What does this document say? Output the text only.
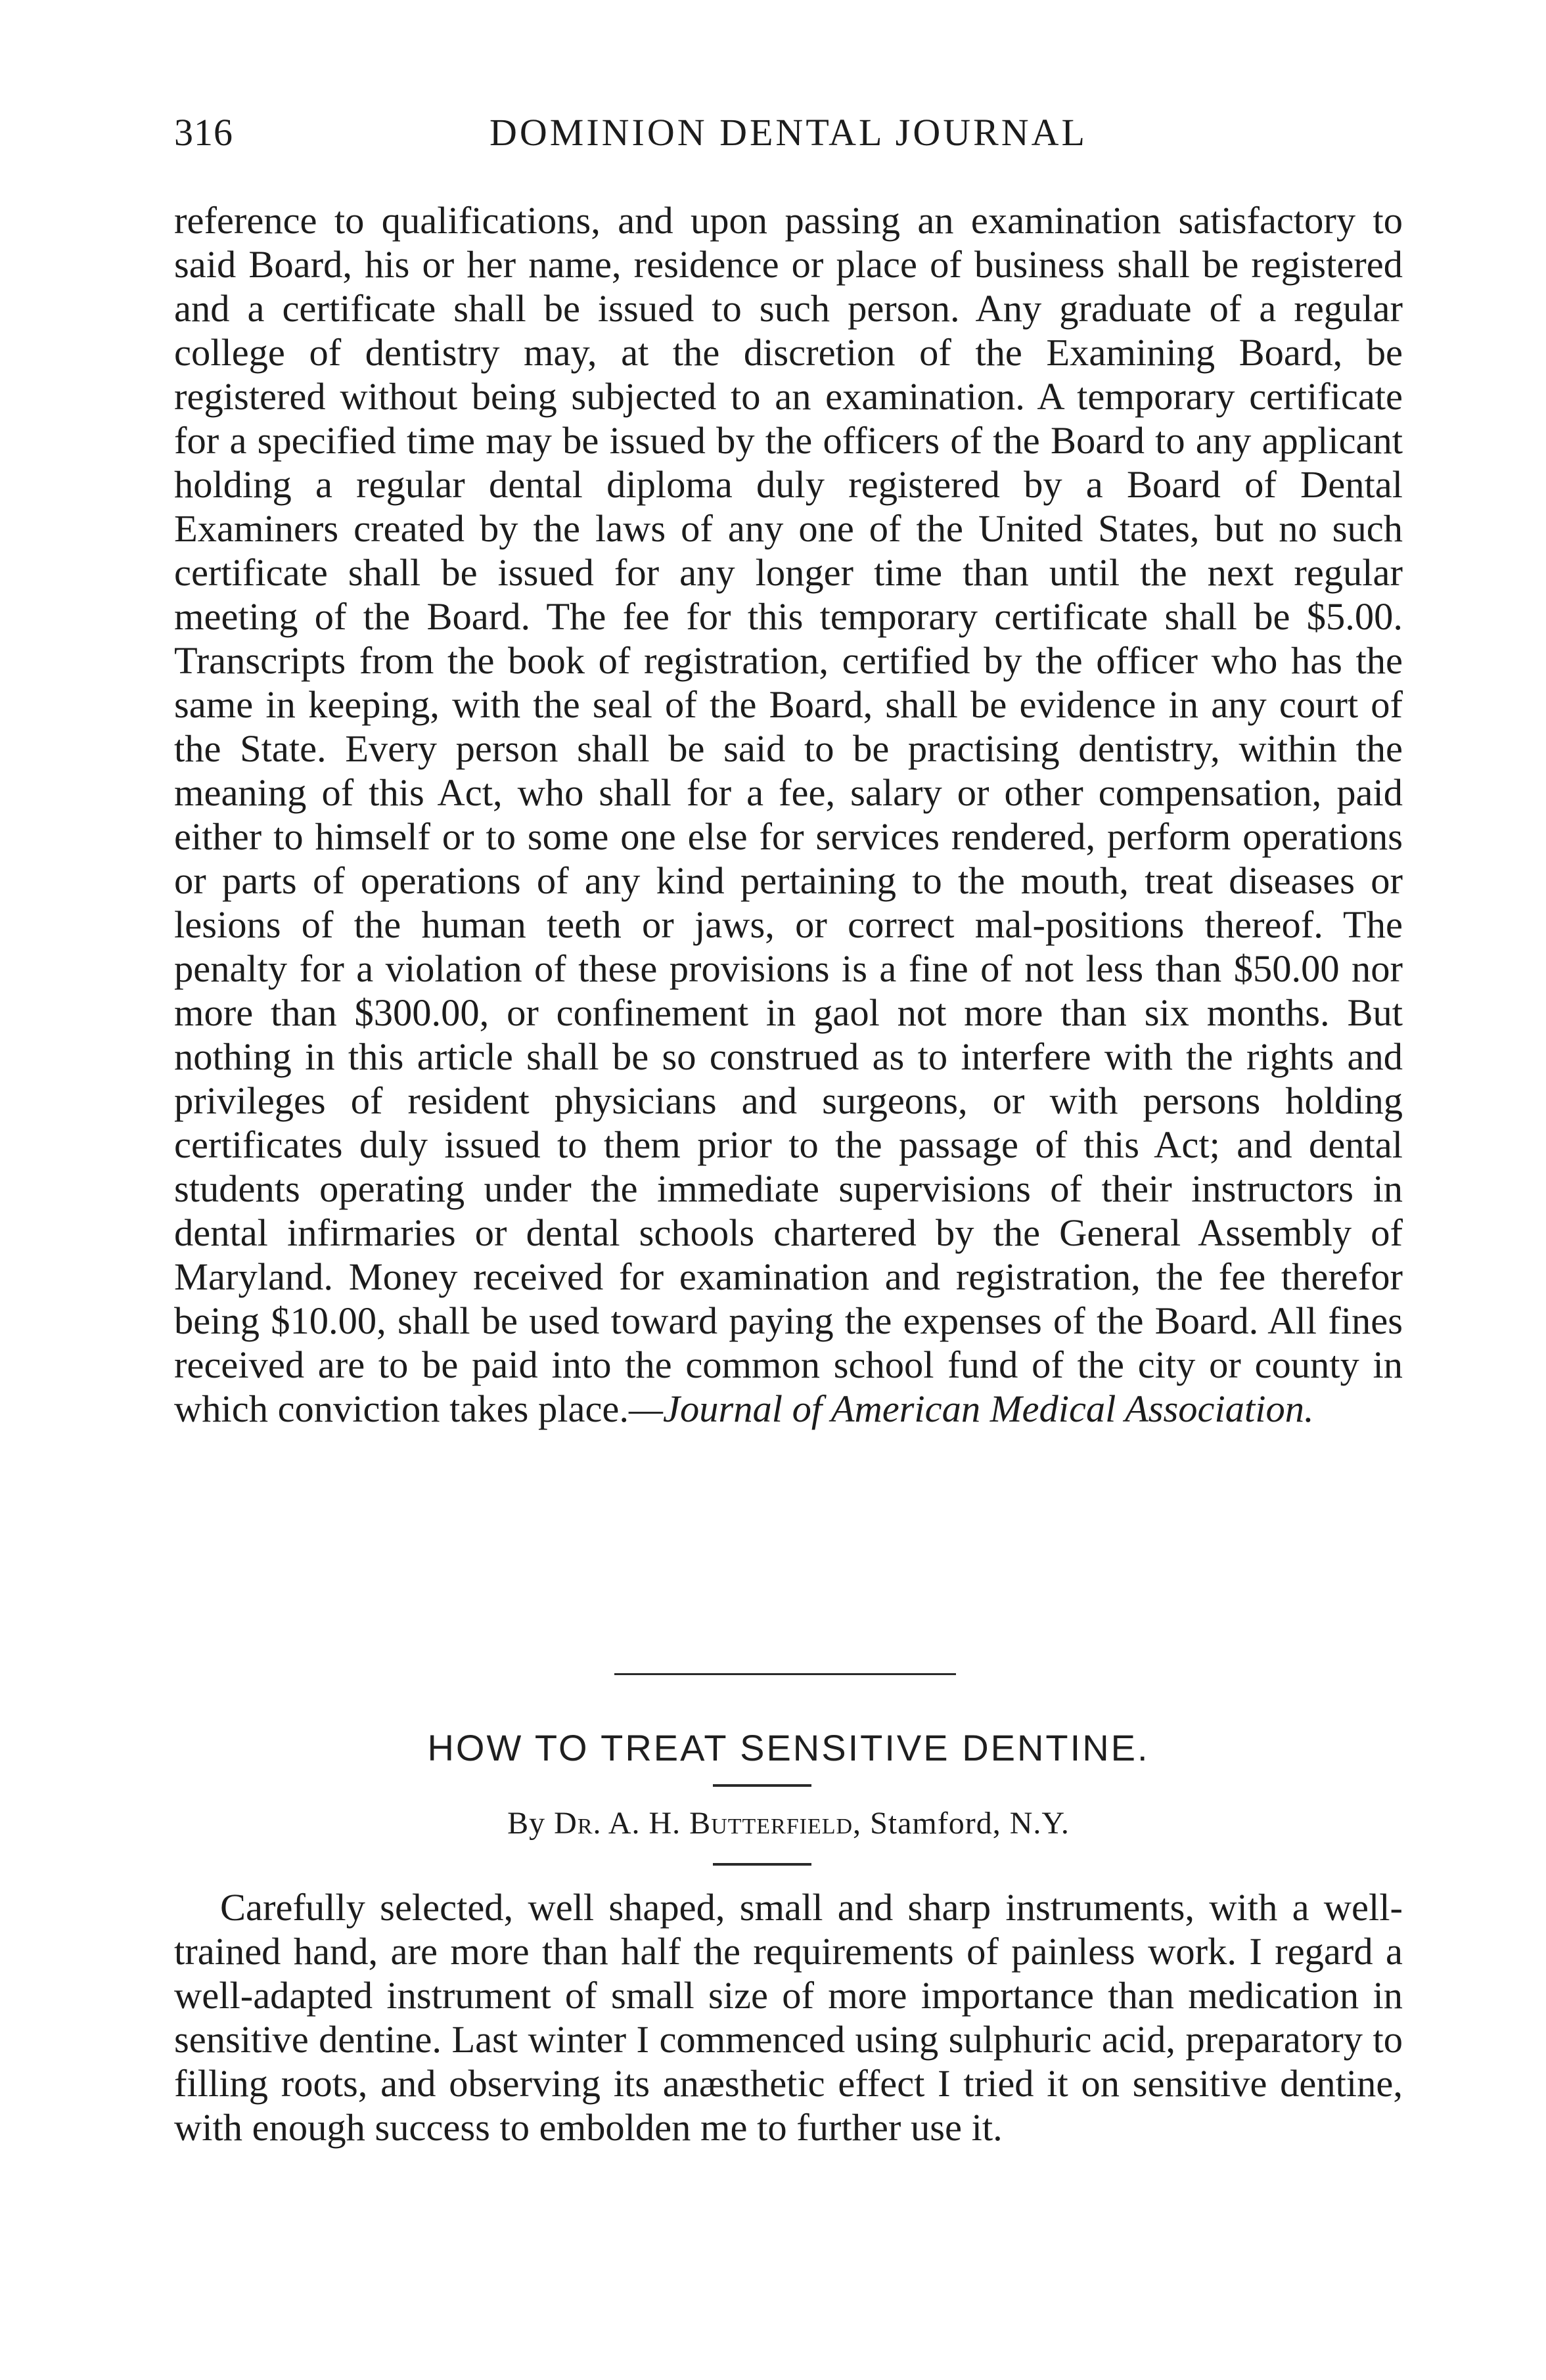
316	DOMINION DENTAL JOURNAL

reference to qualifications, and upon passing an examination satisfactory to said Board, his or her name, residence or place of business shall be registered and a certificate shall be issued to such person. Any graduate of a regular college of dentistry may, at the discretion of the Examining Board, be registered without being subjected to an examination. A temporary certificate for a specified time may be issued by the officers of the Board to any applicant holding a regular dental diploma duly registered by a Board of Dental Examiners created by the laws of any one of the United States, but no such certificate shall be issued for any longer time than until the next regular meeting of the Board. The fee for this temporary certificate shall be $5.00. Transcripts from the book of registration, certified by the officer who has the same in keeping, with the seal of the Board, shall be evidence in any court of the State. Every person shall be said to be practising dentistry, within the meaning of this Act, who shall for a fee, salary or other compensation, paid either to himself or to some one else for services rendered, perform operations or parts of operations of any kind pertaining to the mouth, treat diseases or lesions of the human teeth or jaws, or correct mal-positions thereof. The penalty for a violation of these provisions is a fine of not less than $50.00 nor more than $300.00, or confinement in gaol not more than six months. But nothing in this article shall be so construed as to interfere with the rights and privileges of resident physicians and surgeons, or with persons holding certificates duly issued to them prior to the passage of this Act; and dental students operating under the immediate supervisions of their instructors in dental infirmaries or dental schools chartered by the General Assembly of Maryland. Money received for examination and registration, the fee therefor being $10.00, shall be used toward paying the expenses of the Board. All fines received are to be paid into the common school fund of the city or county in which conviction takes place.—Journal of American Medical Association.

HOW TO TREAT SENSITIVE DENTINE.
By Dr. A. H. Butterfield, Stamford, N.Y.

Carefully selected, well shaped, small and sharp instruments, with a well-trained hand, are more than half the requirements of painless work. I regard a well-adapted instrument of small size of more importance than medication in sensitive dentine. Last winter I commenced using sulphuric acid, preparatory to filling roots, and observing its anæsthetic effect I tried it on sensitive dentine, with enough success to embolden me to further use it.
